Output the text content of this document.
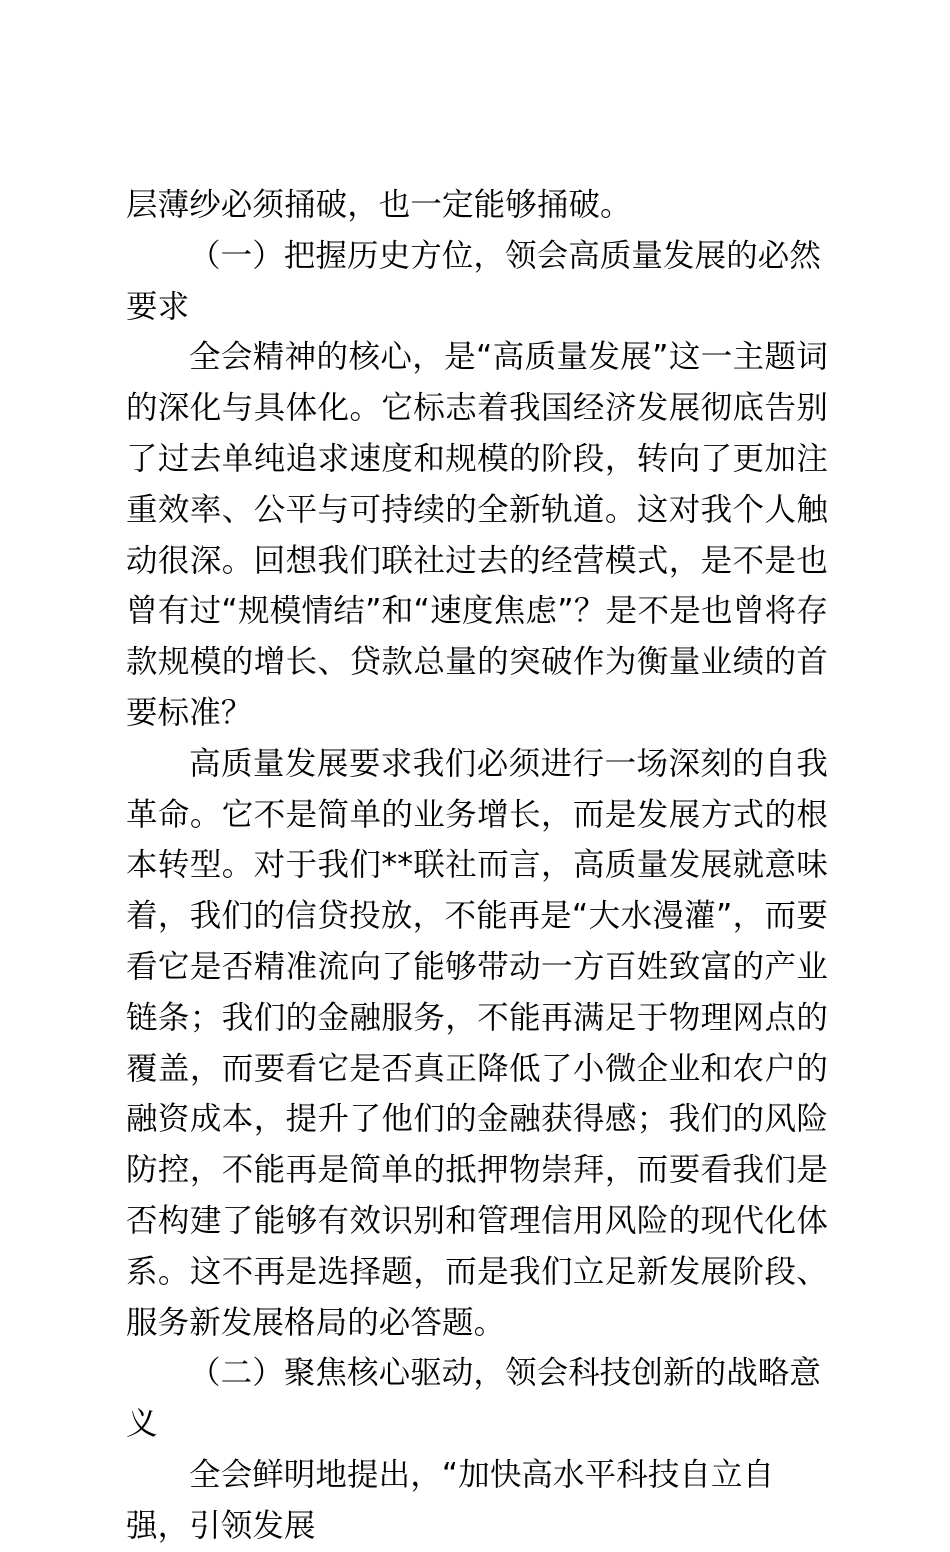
层薄纱必须捅破，也一定能够捅破。

（一）把握历史方位，领会高质量发展的必然要求

全会精神的核心，是“高质量发展”这一主题词的深化与具体化。它标志着我国经济发展彻底告别了过去单纯追求速度和规模的阶段，转向了更加注重效率、公平与可持续的全新轨道。这对我个人触动很深。回想我们联社过去的经营模式，是不是也曾有过“规模情结”和“速度焦虑”？是不是也曾将存款规模的增长、贷款总量的突破作为衡量业绩的首要标准？

高质量发展要求我们必须进行一场深刻的自我革命。它不是简单的业务增长，而是发展方式的根本转型。对于我们**联社而言，高质量发展就意味着，我们的信贷投放，不能再是“大水漫灌”，而要看它是否精准流向了能够带动一方百姓致富的产业链条；我们的金融服务，不能再满足于物理网点的覆盖，而要看它是否真正降低了小微企业和农户的融资成本，提升了他们的金融获得感；我们的风险防控，不能再是简单的抵押物崇拜，而要看我们是否构建了能够有效识别和管理信用风险的现代化体系。这不再是选择题，而是我们立足新发展阶段、服务新发展格局的必答题。

（二）聚焦核心驱动，领会科技创新的战略意义

全会鲜明地提出，“加快高水平科技自立自强，引领发展
